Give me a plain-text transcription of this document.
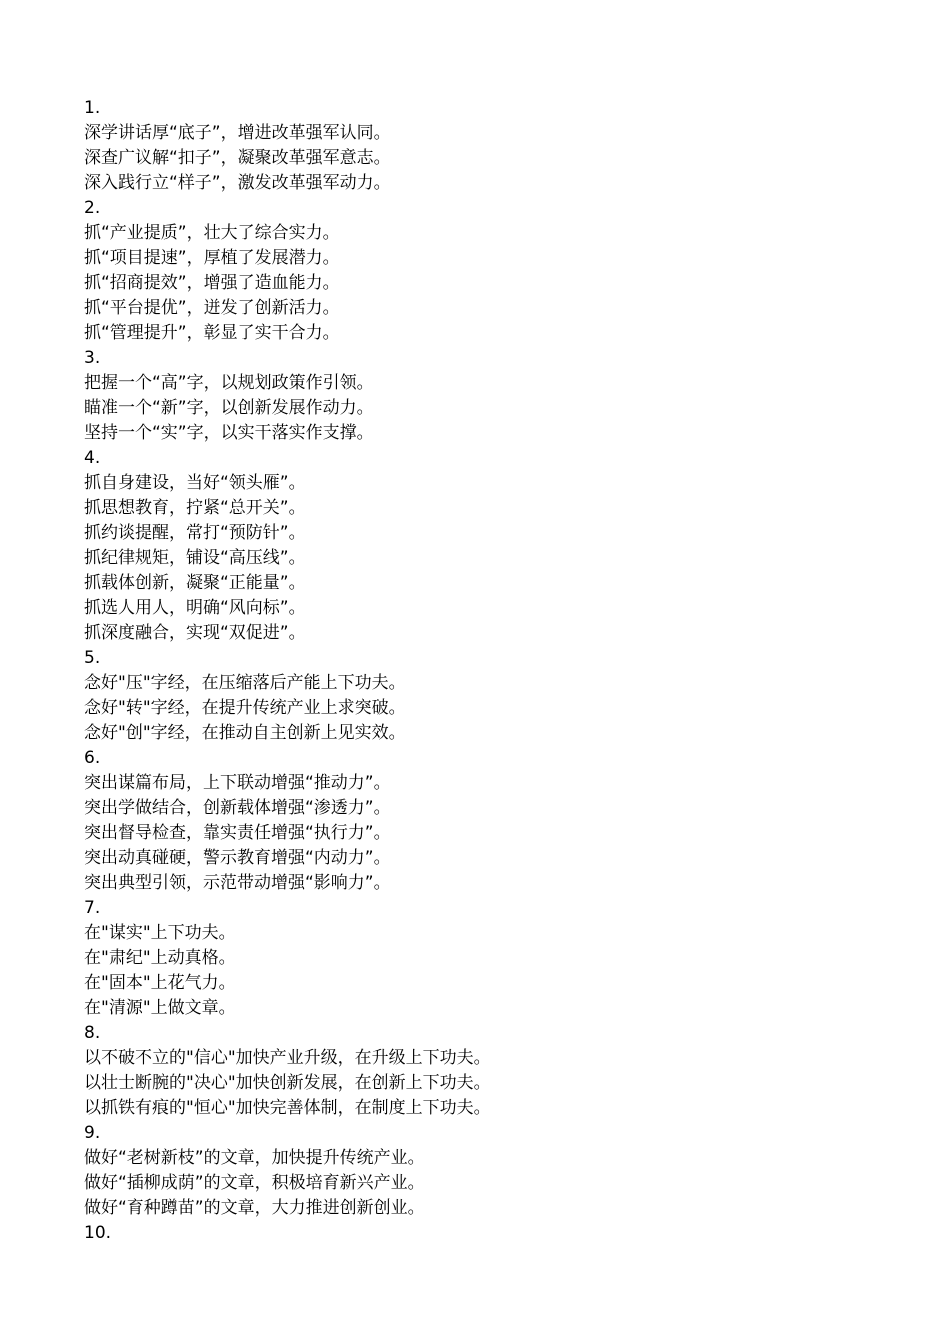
1.
深学讲话厚“底子”，增进改革强军认同。
深查广议解“扣子”，凝聚改革强军意志。
深入践行立“样子”，激发改革强军动力。
2.
抓“产业提质”，壮大了综合实力。
抓“项目提速”，厚植了发展潜力。
抓“招商提效”，增强了造血能力。
抓“平台提优”，迸发了创新活力。
抓“管理提升”，彰显了实干合力。
3.
把握一个“高”字，以规划政策作引领。
瞄准一个“新”字，以创新发展作动力。
坚持一个“实”字，以实干落实作支撑。
4.
抓自身建设，当好“领头雁”。
抓思想教育，拧紧“总开关”。
抓约谈提醒，常打“预防针”。
抓纪律规矩，铺设“高压线”。
抓载体创新，凝聚“正能量”。
抓选人用人，明确“风向标”。
抓深度融合，实现“双促进”。
5.
念好"压"字经，在压缩落后产能上下功夫。
念好"转"字经，在提升传统产业上求突破。
念好"创"字经，在推动自主创新上见实效。
6.
突出谋篇布局，上下联动增强“推动力”。
突出学做结合，创新载体增强“渗透力”。
突出督导检查，靠实责任增强“执行力”。
突出动真碰硬，警示教育增强“内动力”。
突出典型引领，示范带动增强“影响力”。
7.
在"谋实"上下功夫。
在"肃纪"上动真格。
在"固本"上花气力。
在"清源"上做文章。
8.
以不破不立的"信心"加快产业升级，在升级上下功夫。
以壮士断腕的"决心"加快创新发展，在创新上下功夫。
以抓铁有痕的"恒心"加快完善体制，在制度上下功夫。
9.
做好“老树新枝”的文章，加快提升传统产业。
做好“插柳成荫”的文章，积极培育新兴产业。
做好“育种蹲苗”的文章，大力推进创新创业。
10.
